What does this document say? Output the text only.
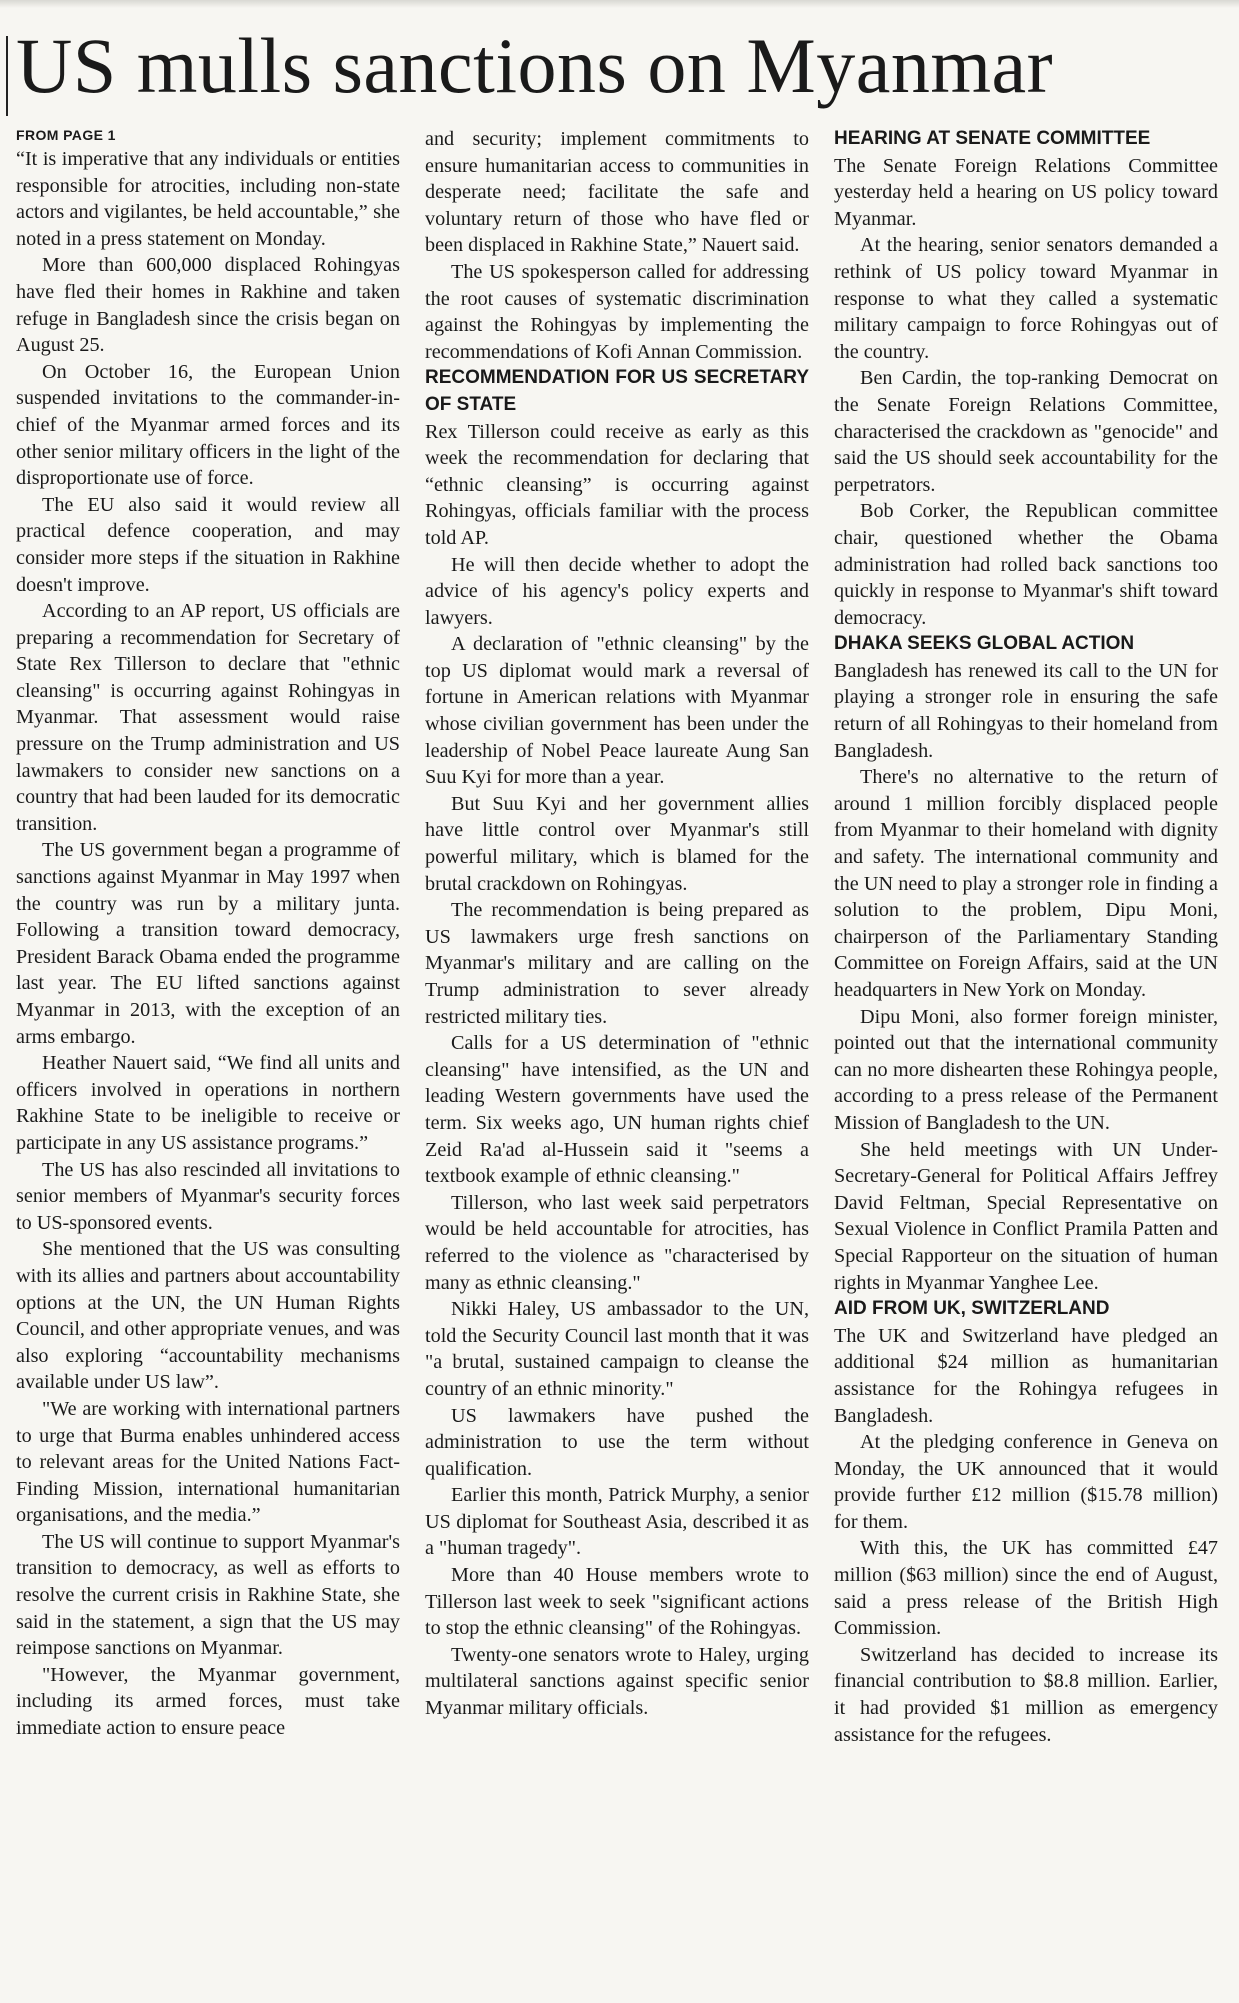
US mulls sanctions on Myanmar
FROM PAGE 1

“It is imperative that any individuals or entities responsible for atrocities, including non-state actors and vigilantes, be held accountable,” she noted in a press statement on Monday.

More than 600,000 displaced Rohingyas have fled their homes in Rakhine and taken refuge in Bangladesh since the crisis began on August 25.

On October 16, the European Union suspended invitations to the commander-in-chief of the Myanmar armed forces and its other senior military officers in the light of the disproportionate use of force.

The EU also said it would review all practical defence cooperation, and may consider more steps if the situation in Rakhine doesn't improve.

According to an AP report, US officials are preparing a recommendation for Secretary of State Rex Tillerson to declare that "ethnic cleansing" is occurring against Rohingyas in Myanmar. That assessment would raise pressure on the Trump administration and US lawmakers to consider new sanctions on a country that had been lauded for its democratic transition.

The US government began a programme of sanctions against Myanmar in May 1997 when the country was run by a military junta. Following a transition toward democracy, President Barack Obama ended the programme last year. The EU lifted sanctions against Myanmar in 2013, with the exception of an arms embargo.

Heather Nauert said, “We find all units and officers involved in operations in northern Rakhine State to be ineligible to receive or participate in any US assistance programs.”

The US has also rescinded all invitations to senior members of Myanmar's security forces to US-sponsored events.

She mentioned that the US was consulting with its allies and partners about accountability options at the UN, the UN Human Rights Council, and other appropriate venues, and was also exploring “accountability mechanisms available under US law”.

"We are working with international partners to urge that Burma enables unhindered access to relevant areas for the United Nations Fact-Finding Mission, international humanitarian organisations, and the media.”

The US will continue to support Myanmar's transition to democracy, as well as efforts to resolve the current crisis in Rakhine State, she said in the statement, a sign that the US may reimpose sanctions on Myanmar.

"However, the Myanmar government, including its armed forces, must take immediate action to ensure peace

and security; implement commitments to ensure humanitarian access to communities in desperate need; facilitate the safe and voluntary return of those who have fled or been displaced in Rakhine State,” Nauert said.

The US spokesperson called for addressing the root causes of systematic discrimination against the Rohingyas by implementing the recommendations of Kofi Annan Commission.

RECOMMENDATION FOR US SECRETARY OF STATE

Rex Tillerson could receive as early as this week the recommendation for declaring that “ethnic cleansing” is occurring against Rohingyas, officials familiar with the process told AP.

He will then decide whether to adopt the advice of his agency's policy experts and lawyers.

A declaration of "ethnic cleansing" by the top US diplomat would mark a reversal of fortune in American relations with Myanmar whose civilian government has been under the leadership of Nobel Peace laureate Aung San Suu Kyi for more than a year.

But Suu Kyi and her government allies have little control over Myanmar's still powerful military, which is blamed for the brutal crackdown on Rohingyas.

The recommendation is being prepared as US lawmakers urge fresh sanctions on Myanmar's military and are calling on the Trump administration to sever already restricted military ties.

Calls for a US determination of "ethnic cleansing" have intensified, as the UN and leading Western governments have used the term. Six weeks ago, UN human rights chief Zeid Ra'ad al-Hussein said it "seems a textbook example of ethnic cleansing."

Tillerson, who last week said perpetrators would be held accountable for atrocities, has referred to the violence as "characterised by many as ethnic cleansing."

Nikki Haley, US ambassador to the UN, told the Security Council last month that it was "a brutal, sustained campaign to cleanse the country of an ethnic minority."

US lawmakers have pushed the administration to use the term without qualification.

Earlier this month, Patrick Murphy, a senior US diplomat for Southeast Asia, described it as a "human tragedy".

More than 40 House members wrote to Tillerson last week to seek "significant actions to stop the ethnic cleansing" of the Rohingyas.

Twenty-one senators wrote to Haley, urging multilateral sanctions against specific senior Myanmar military officials.

HEARING AT SENATE COMMITTEE

The Senate Foreign Relations Committee yesterday held a hearing on US policy toward Myanmar.

At the hearing, senior senators demanded a rethink of US policy toward Myanmar in response to what they called a systematic military campaign to force Rohingyas out of the country.

Ben Cardin, the top-ranking Democrat on the Senate Foreign Relations Committee, characterised the crackdown as "genocide" and said the US should seek accountability for the perpetrators.

Bob Corker, the Republican committee chair, questioned whether the Obama administration had rolled back sanctions too quickly in response to Myanmar's shift toward democracy.

DHAKA SEEKS GLOBAL ACTION

Bangladesh has renewed its call to the UN for playing a stronger role in ensuring the safe return of all Rohingyas to their homeland from Bangladesh.

There's no alternative to the return of around 1 million forcibly displaced people from Myanmar to their homeland with dignity and safety. The international community and the UN need to play a stronger role in finding a solution to the problem, Dipu Moni, chairperson of the Parliamentary Standing Committee on Foreign Affairs, said at the UN headquarters in New York on Monday.

Dipu Moni, also former foreign minister, pointed out that the international community can no more dishearten these Rohingya people, according to a press release of the Permanent Mission of Bangladesh to the UN.

She held meetings with UN Under-Secretary-General for Political Affairs Jeffrey David Feltman, Special Representative on Sexual Violence in Conflict Pramila Patten and Special Rapporteur on the situation of human rights in Myanmar Yanghee Lee.

AID FROM UK, SWITZERLAND

The UK and Switzerland have pledged an additional $24 million as humanitarian assistance for the Rohingya refugees in Bangladesh.

At the pledging conference in Geneva on Monday, the UK announced that it would provide further £12 million ($15.78 million) for them.

With this, the UK has committed £47 million ($63 million) since the end of August, said a press release of the British High Commission.

Switzerland has decided to increase its financial contribution to $8.8 million. Earlier, it had provided $1 million as emergency assistance for the refugees.
